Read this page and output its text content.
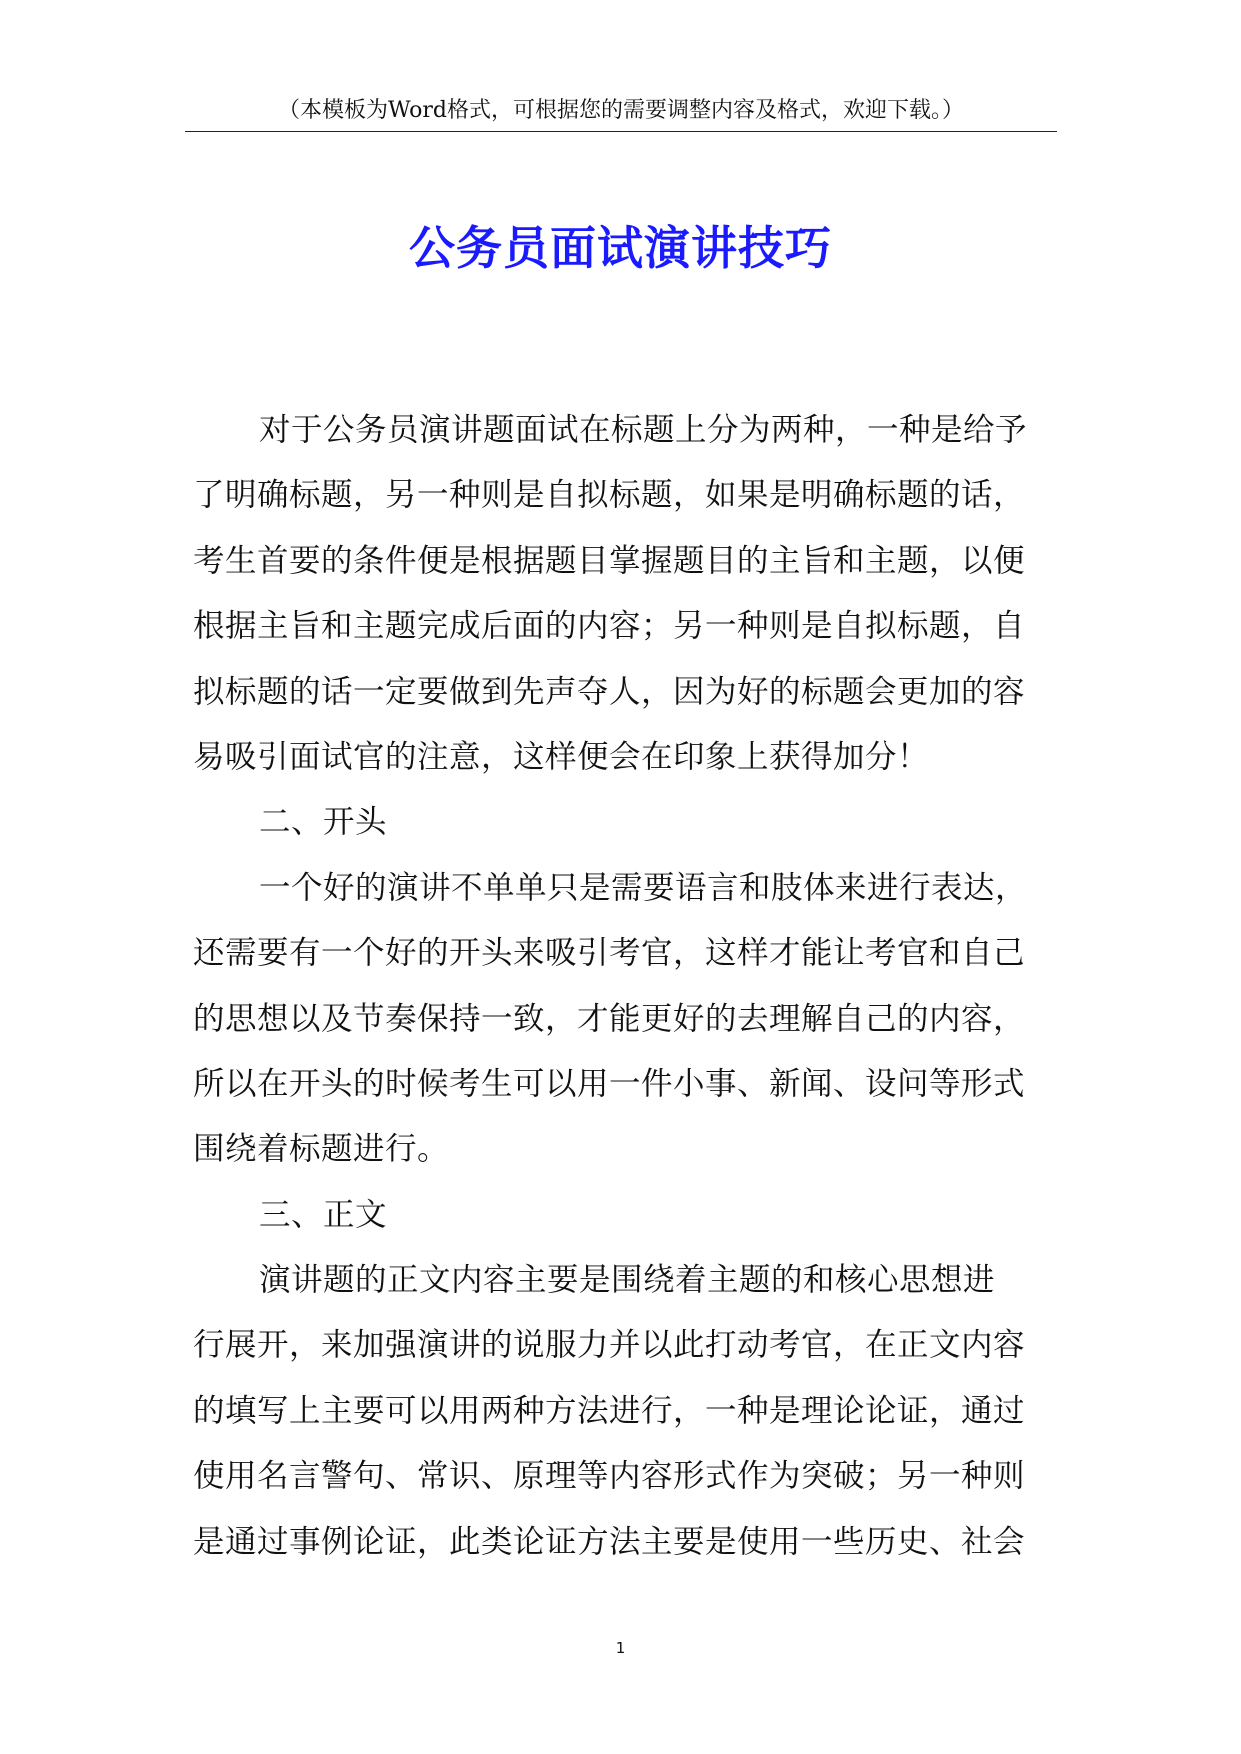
（本模板为Word格式，可根据您的需要调整内容及格式，欢迎下载。）
公务员面试演讲技巧
对于公务员演讲题面试在标题上分为两种，一种是给予
了明确标题，另一种则是自拟标题，如果是明确标题的话，
考生首要的条件便是根据题目掌握题目的主旨和主题，以便
根据主旨和主题完成后面的内容；另一种则是自拟标题，自
拟标题的话一定要做到先声夺人，因为好的标题会更加的容
易吸引面试官的注意，这样便会在印象上获得加分！
二、开头
一个好的演讲不单单只是需要语言和肢体来进行表达，
还需要有一个好的开头来吸引考官，这样才能让考官和自己
的思想以及节奏保持一致，才能更好的去理解自己的内容，
所以在开头的时候考生可以用一件小事、新闻、设问等形式
围绕着标题进行。
三、正文
演讲题的正文内容主要是围绕着主题的和核心思想进
行展开，来加强演讲的说服力并以此打动考官，在正文内容
的填写上主要可以用两种方法进行，一种是理论论证，通过
使用名言警句、常识、原理等内容形式作为突破；另一种则
是通过事例论证，此类论证方法主要是使用一些历史、社会
1
